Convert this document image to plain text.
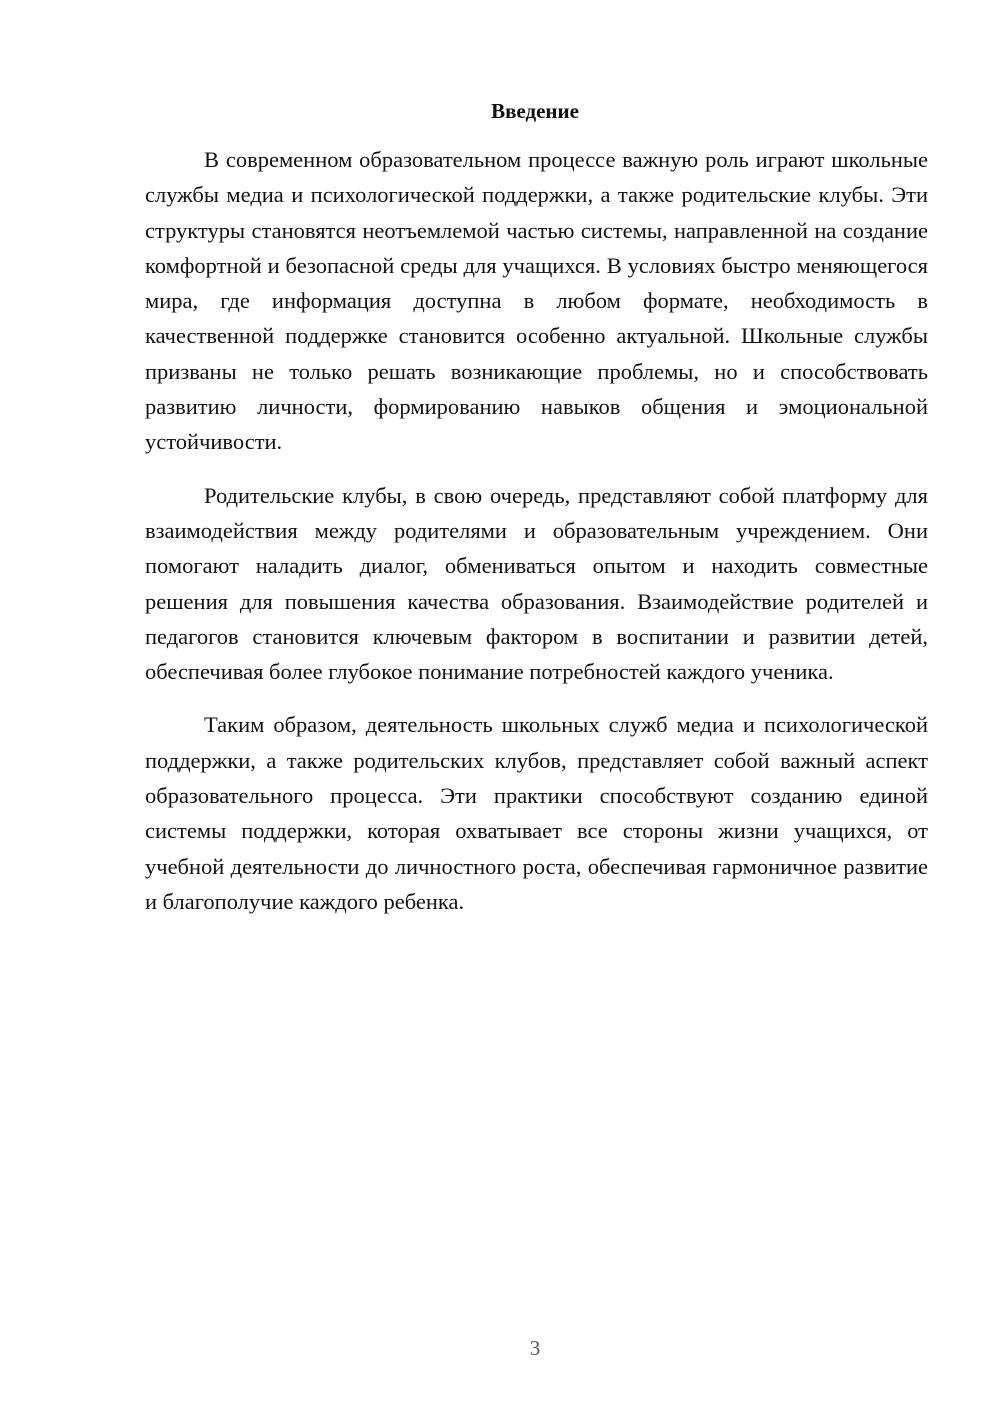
Введение

В современном образовательном процессе важную роль играют школьные службы медиа и психологической поддержки, а также родительские клубы. Эти структуры становятся неотъемлемой частью системы, направленной на создание комфортной и безопасной среды для учащихся. В условиях быстро меняющегося мира, где информация доступна в любом формате, необходимость в качественной поддержке становится особенно актуальной. Школьные службы призваны не только решать возникающие проблемы, но и способствовать развитию личности, формированию навыков общения и эмоциональной устойчивости.

Родительские клубы, в свою очередь, представляют собой платформу для взаимодействия между родителями и образовательным учреждением. Они помогают наладить диалог, обмениваться опытом и находить совместные решения для повышения качества образования. Взаимодействие родителей и педагогов становится ключевым фактором в воспитании и развитии детей, обеспечивая более глубокое понимание потребностей каждого ученика.

Таким образом, деятельность школьных служб медиа и психологической поддержки, а также родительских клубов, представляет собой важный аспект образовательного процесса. Эти практики способствуют созданию единой системы поддержки, которая охватывает все стороны жизни учащихся, от учебной деятельности до личностного роста, обеспечивая гармоничное развитие и благополучие каждого ребенка.

3
